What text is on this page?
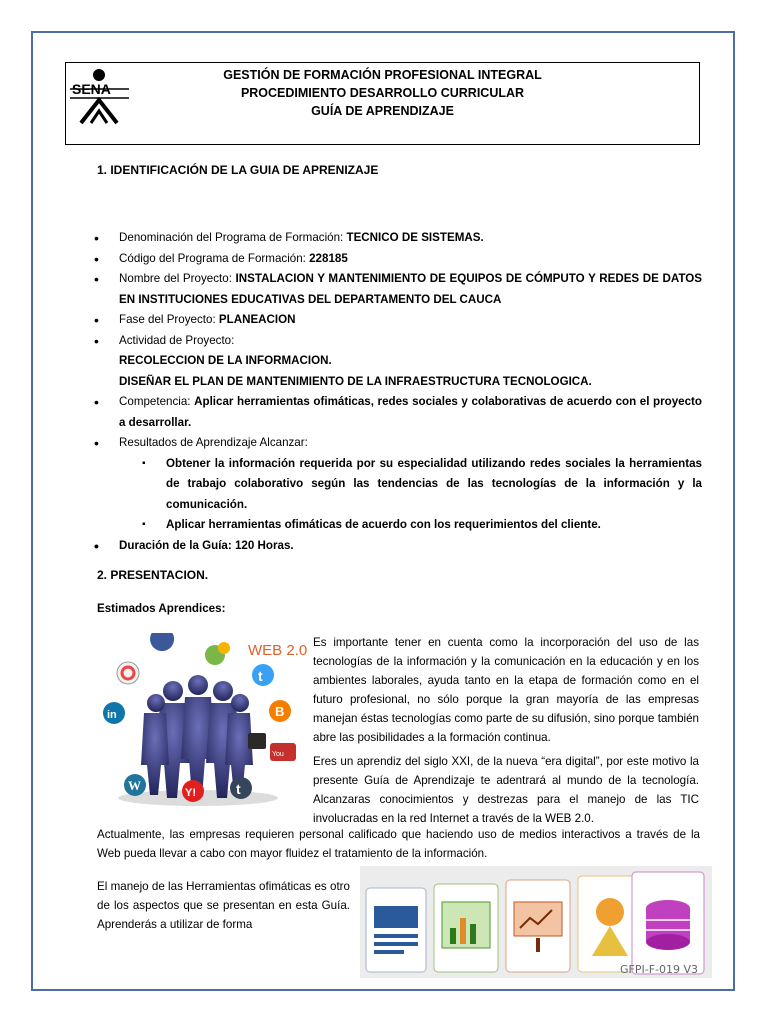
SENA
GESTIÓN DE FORMACIÓN PROFESIONAL INTEGRAL
PROCEDIMIENTO DESARROLLO CURRICULAR
GUÍA DE APRENDIZAJE
1. IDENTIFICACIÓN DE LA GUIA DE APRENIZAJE
• Denominación del Programa de Formación: TECNICO DE SISTEMAS.
• Código del Programa de Formación: 228185
• Nombre del Proyecto: INSTALACION Y MANTENIMIENTO DE EQUIPOS DE CÓMPUTO Y REDES DE DATOS EN INSTITUCIONES EDUCATIVAS DEL DEPARTAMENTO DEL CAUCA
• Fase del Proyecto: PLANEACION
• Actividad de Proyecto:
RECOLECCION DE LA INFORMACION.
DISEÑAR EL PLAN DE MANTENIMIENTO DE LA INFRAESTRUCTURA TECNOLOGICA.
• Competencia: Aplicar herramientas ofimáticas, redes sociales y colaborativas de acuerdo con el proyecto a desarrollar.
• Resultados de Aprendizaje Alcanzar:
▪ Obtener la información requerida por su especialidad utilizando redes sociales la herramientas de trabajo colaborativo según las tendencias de las tecnologías de la información y la comunicación.
▪ Aplicar herramientas ofimáticas de acuerdo con los requerimientos del cliente.
• Duración de la Guía: 120 Horas.
2. PRESENTACION.
Estimados Aprendices:
WEB 2.0
f
t
in	B
You
W	Y!	t
Es importante tener en cuenta como la incorporación del uso de las tecnologías de la información y la comunicación en la educación y en los ambientes laborales, ayuda tanto en la etapa de formación como en el futuro profesional, no sólo porque la gran mayoría de las empresas manejan éstas tecnologías como parte de su difusión, sino porque también abre las posibilidades a la formación continua.
Eres un aprendiz del siglo XXI, de la nueva “era digital”, por este motivo la presente Guía de Aprendizaje te adentrará al mundo de la tecnología. Alcanzaras conocimientos y destrezas para el manejo de las TIC involucradas en la red Internet a través de la WEB 2.0.
Actualmente, las empresas requieren personal calificado que haciendo uso de medios interactivos a través de la Web pueda llevar a cabo con mayor fluidez el tratamiento de la información.
El manejo de las Herramientas ofimáticas es otro de los aspectos que se presentan en esta Guía. Aprenderás a utilizar de forma
GFPI-F-019 V3
